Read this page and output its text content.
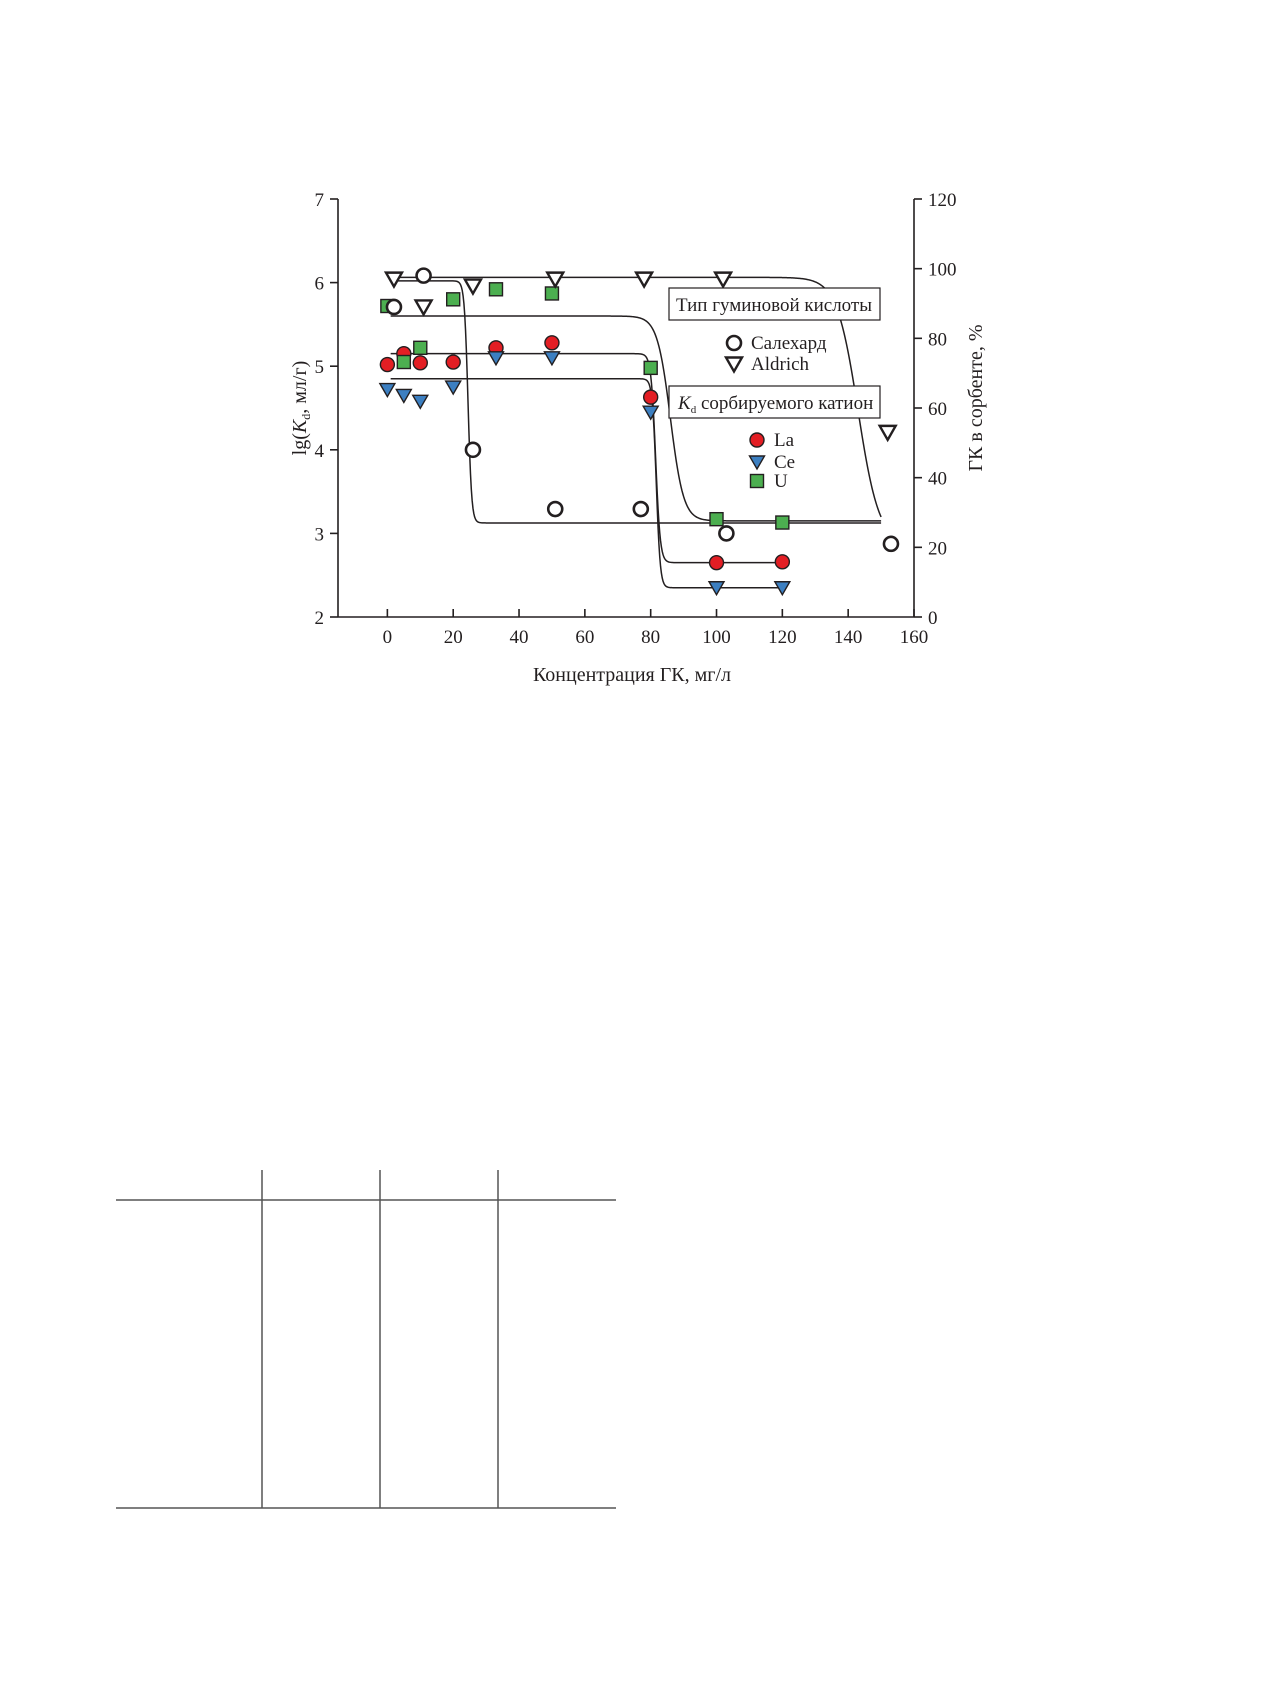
0	20 40 60 80 100 120 140 160
2
3
4
5
6
7
0
20
40
60
80
100
120
Тип гуминовой кислоты
$K_d$ сорбируемого катион
Салехард
Aldrich
La
Ce
U
Концентрация ГК, мг/л
$\lg(K_d$, мл/г)	ГК в сорбенте, %
